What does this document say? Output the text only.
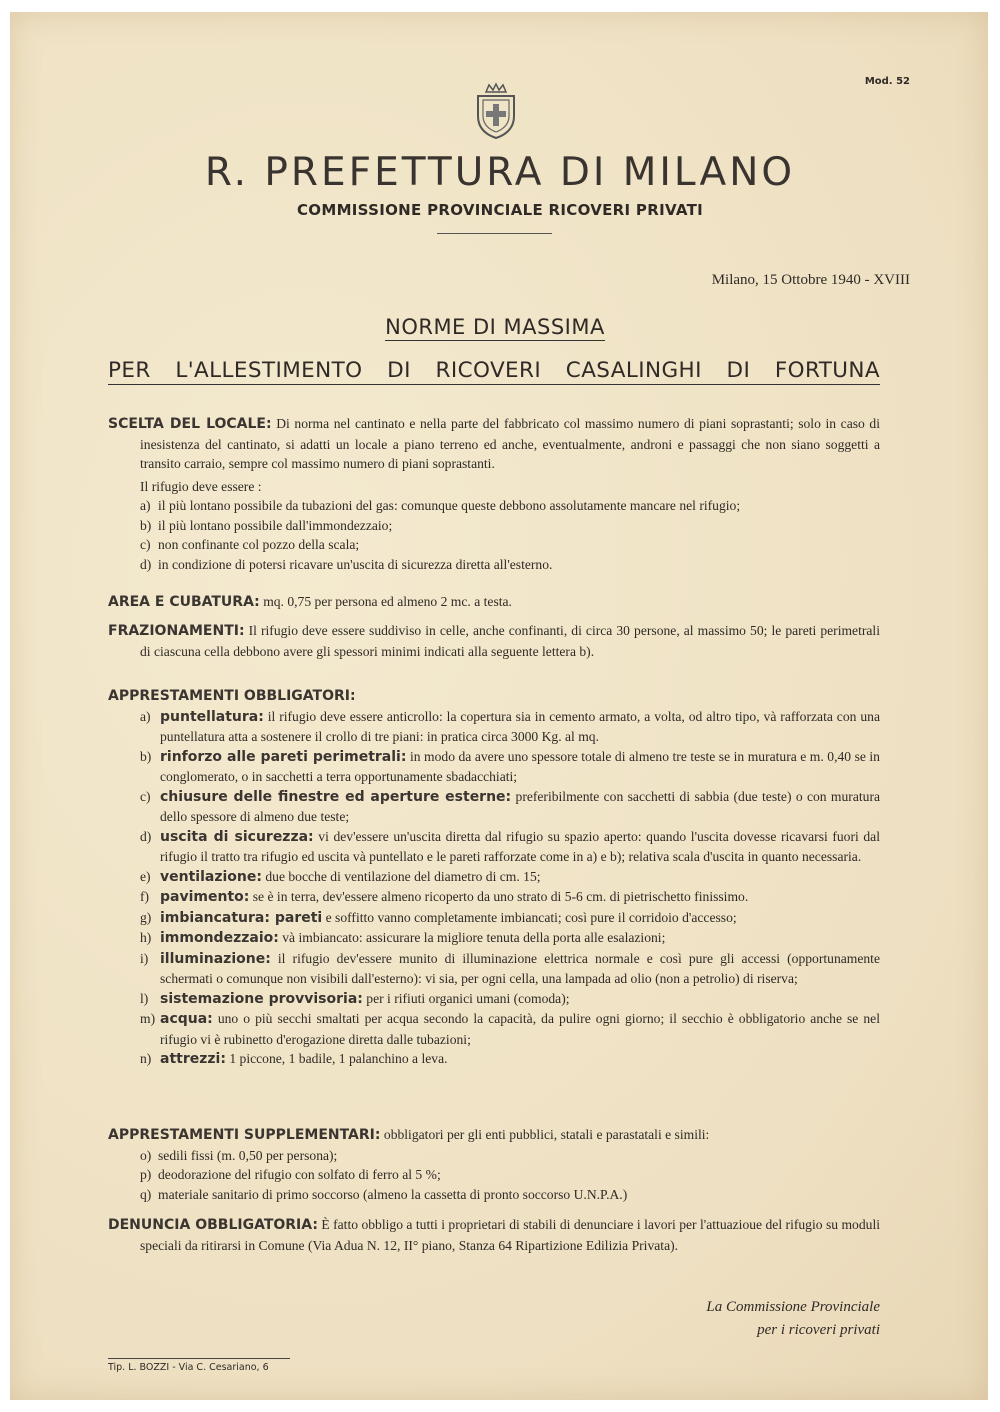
Mod. 52
R. PREFETTURA DI MILANO
COMMISSIONE PROVINCIALE RICOVERI PRIVATI
Milano, 15 Ottobre 1940 - XVIII
NORME DI MASSIMA
PER L'ALLESTIMENTO DI RICOVERI CASALINGHI DI FORTUNA
SCELTA DEL LOCALE: Di norma nel cantinato e nella parte del fabbricato col massimo numero di piani soprastanti; solo in caso di inesistenza del cantinato, si adatti un locale a piano terreno ed anche, eventualmente, androni e passaggi che non siano soggetti a transito carraio, sempre col massimo numero di piani soprastanti.
Il rifugio deve essere :
a) il più lontano possibile da tubazioni del gas: comunque queste debbono assolutamente mancare nel rifugio;
b) il più lontano possibile dall'immondezzaio;
c) non confinante col pozzo della scala;
d) in condizione di potersi ricavare un'uscita di sicurezza diretta all'esterno.
AREA E CUBATURA: mq. 0,75 per persona ed almeno 2 mc. a testa.
FRAZIONAMENTI: Il rifugio deve essere suddiviso in celle, anche confinanti, di circa 30 persone, al massimo 50; le pareti perimetrali di ciascuna cella debbono avere gli spessori minimi indicati alla seguente lettera b).
APPRESTAMENTI OBBLIGATORI:
a) puntellatura: il rifugio deve essere anticrollo: la copertura sia in cemento armato, a volta, od altro tipo, và rafforzata con una puntellatura atta a sostenere il crollo di tre piani: in pratica circa 3000 Kg. al mq.
b) rinforzo alle pareti perimetrali: in modo da avere uno spessore totale di almeno tre teste se in muratura e m. 0,40 se in conglomerato, o in sacchetti a terra opportunamente sbadacchiati;
c) chiusure delle finestre ed aperture esterne: preferibilmente con sacchetti di sabbia (due teste) o con muratura dello spessore di almeno due teste;
d) uscita di sicurezza: vi dev'essere un'uscita diretta dal rifugio su spazio aperto: quando l'uscita dovesse ricavarsi fuori dal rifugio il tratto tra rifugio ed uscita và puntellato e le pareti rafforzate come in a) e b); relativa scala d'uscita in quanto necessaria.
e) ventilazione: due bocche di ventilazione del diametro di cm. 15;
f) pavimento: se è in terra, dev'essere almeno ricoperto da uno strato di 5-6 cm. di pietrischetto finissimo.
g) imbiancatura: pareti e soffitto vanno completamente imbiancati; così pure il corridoio d'accesso;
h) immondezzaio: và imbiancato: assicurare la migliore tenuta della porta alle esalazioni;
i) illuminazione: il rifugio dev'essere munito di illuminazione elettrica normale e così pure gli accessi (opportunamente schermati o comunque non visibili dall'esterno): vi sia, per ogni cella, una lampada ad olio (non a petrolio) di riserva;
l) sistemazione provvisoria: per i rifiuti organici umani (comoda);
m) acqua: uno o più secchi smaltati per acqua secondo la capacità, da pulire ogni giorno; il secchio è obbligatorio anche se nel rifugio vi è rubinetto d'erogazione diretta dalle tubazioni;
n) attrezzi: 1 piccone, 1 badile, 1 palanchino a leva.
APPRESTAMENTI SUPPLEMENTARI: obbligatori per gli enti pubblici, statali e parastatali e simili:
o) sedili fissi (m. 0,50 per persona);
p) deodorazione del rifugio con solfato di ferro al 5 %;
q) materiale sanitario di primo soccorso (almeno la cassetta di pronto soccorso U.N.P.A.)
DENUNCIA OBBLIGATORIA: È fatto obbligo a tutti i proprietari di stabili di denunciare i lavori per l'attuazioue del rifugio su moduli speciali da ritirarsi in Comune (Via Adua N. 12, II° piano, Stanza 64 Ripartizione Edilizia Privata).
La Commissione Provinciale
per i ricoveri privati
Tip. L. BOZZI - Via C. Cesariano, 6
